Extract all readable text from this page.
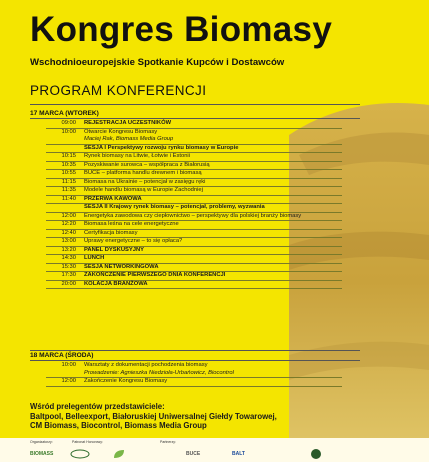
Kongres Biomasy
Wschodnioeuropejskie Spotkanie Kupców i Dostawców
PROGRAM KONFERENCJI
17 MARCA (WTOREK)
09:00	REJESTRACJA UCZESTNIKÓW
10:00	Otwarcie Kongresu Biomasy
Maciej Rak, Biomass Media Group
SESJA I Perspektywy rozwoju rynku biomasy w Europie
10:15	Rynek biomasy na Litwie, Łotwie i Estonii
10:35	Pozyskiwanie surowca – współpraca z Białorusią
10:55	BUCE – platforma handlu drewnem i biomasą
11:15	Biomasa na Ukrainie – potencjał w zasięgu ręki
11:35	Modele handlu biomasą w Europie Zachodniej
11:40	PRZERWA KAWOWA
SESJA II Krajowy rynek biomasy – potencjał, problemy, wyzwania
12:00	Energetyka zawodowa czy ciepłownictwo – perspektywy dla polskiej branży biomasy
12:20	Biomasa leśna na cele energetyczne
12:40	Certyfikacja biomasy
13:00	Uprawy energetyczne – to się opłaca?
13:20	PANEL DYSKUSYJNY
14:30	LUNCH
15:30	SESJA NETWORKINGOWA
17:30	ZAKOŃCZENIE PIERWSZEGO DNIA KONFERENCJI
20:00	KOLACJA BRANŻOWA
18 MARCA (ŚRODA)
10:00	Warsztaty z dokumentacji pochodzenia biomasy
Prowadzenie: Agnieszka Niedzioła-Urbańowicz, Biocontrol
12:00	Zakończenie Kongresu Biomasy
Wśród prelegentów przedstawiciele:
Baltpool, Belleexport, Białoruskiej Uniwersalnej Giełdy Towarowej,
CM Biomass, Biocontrol, Biomass Media Group
Organizatorzy:	Patronat Honorowy:	Partnerzy:
BIOMASS	BUCE	BALT
